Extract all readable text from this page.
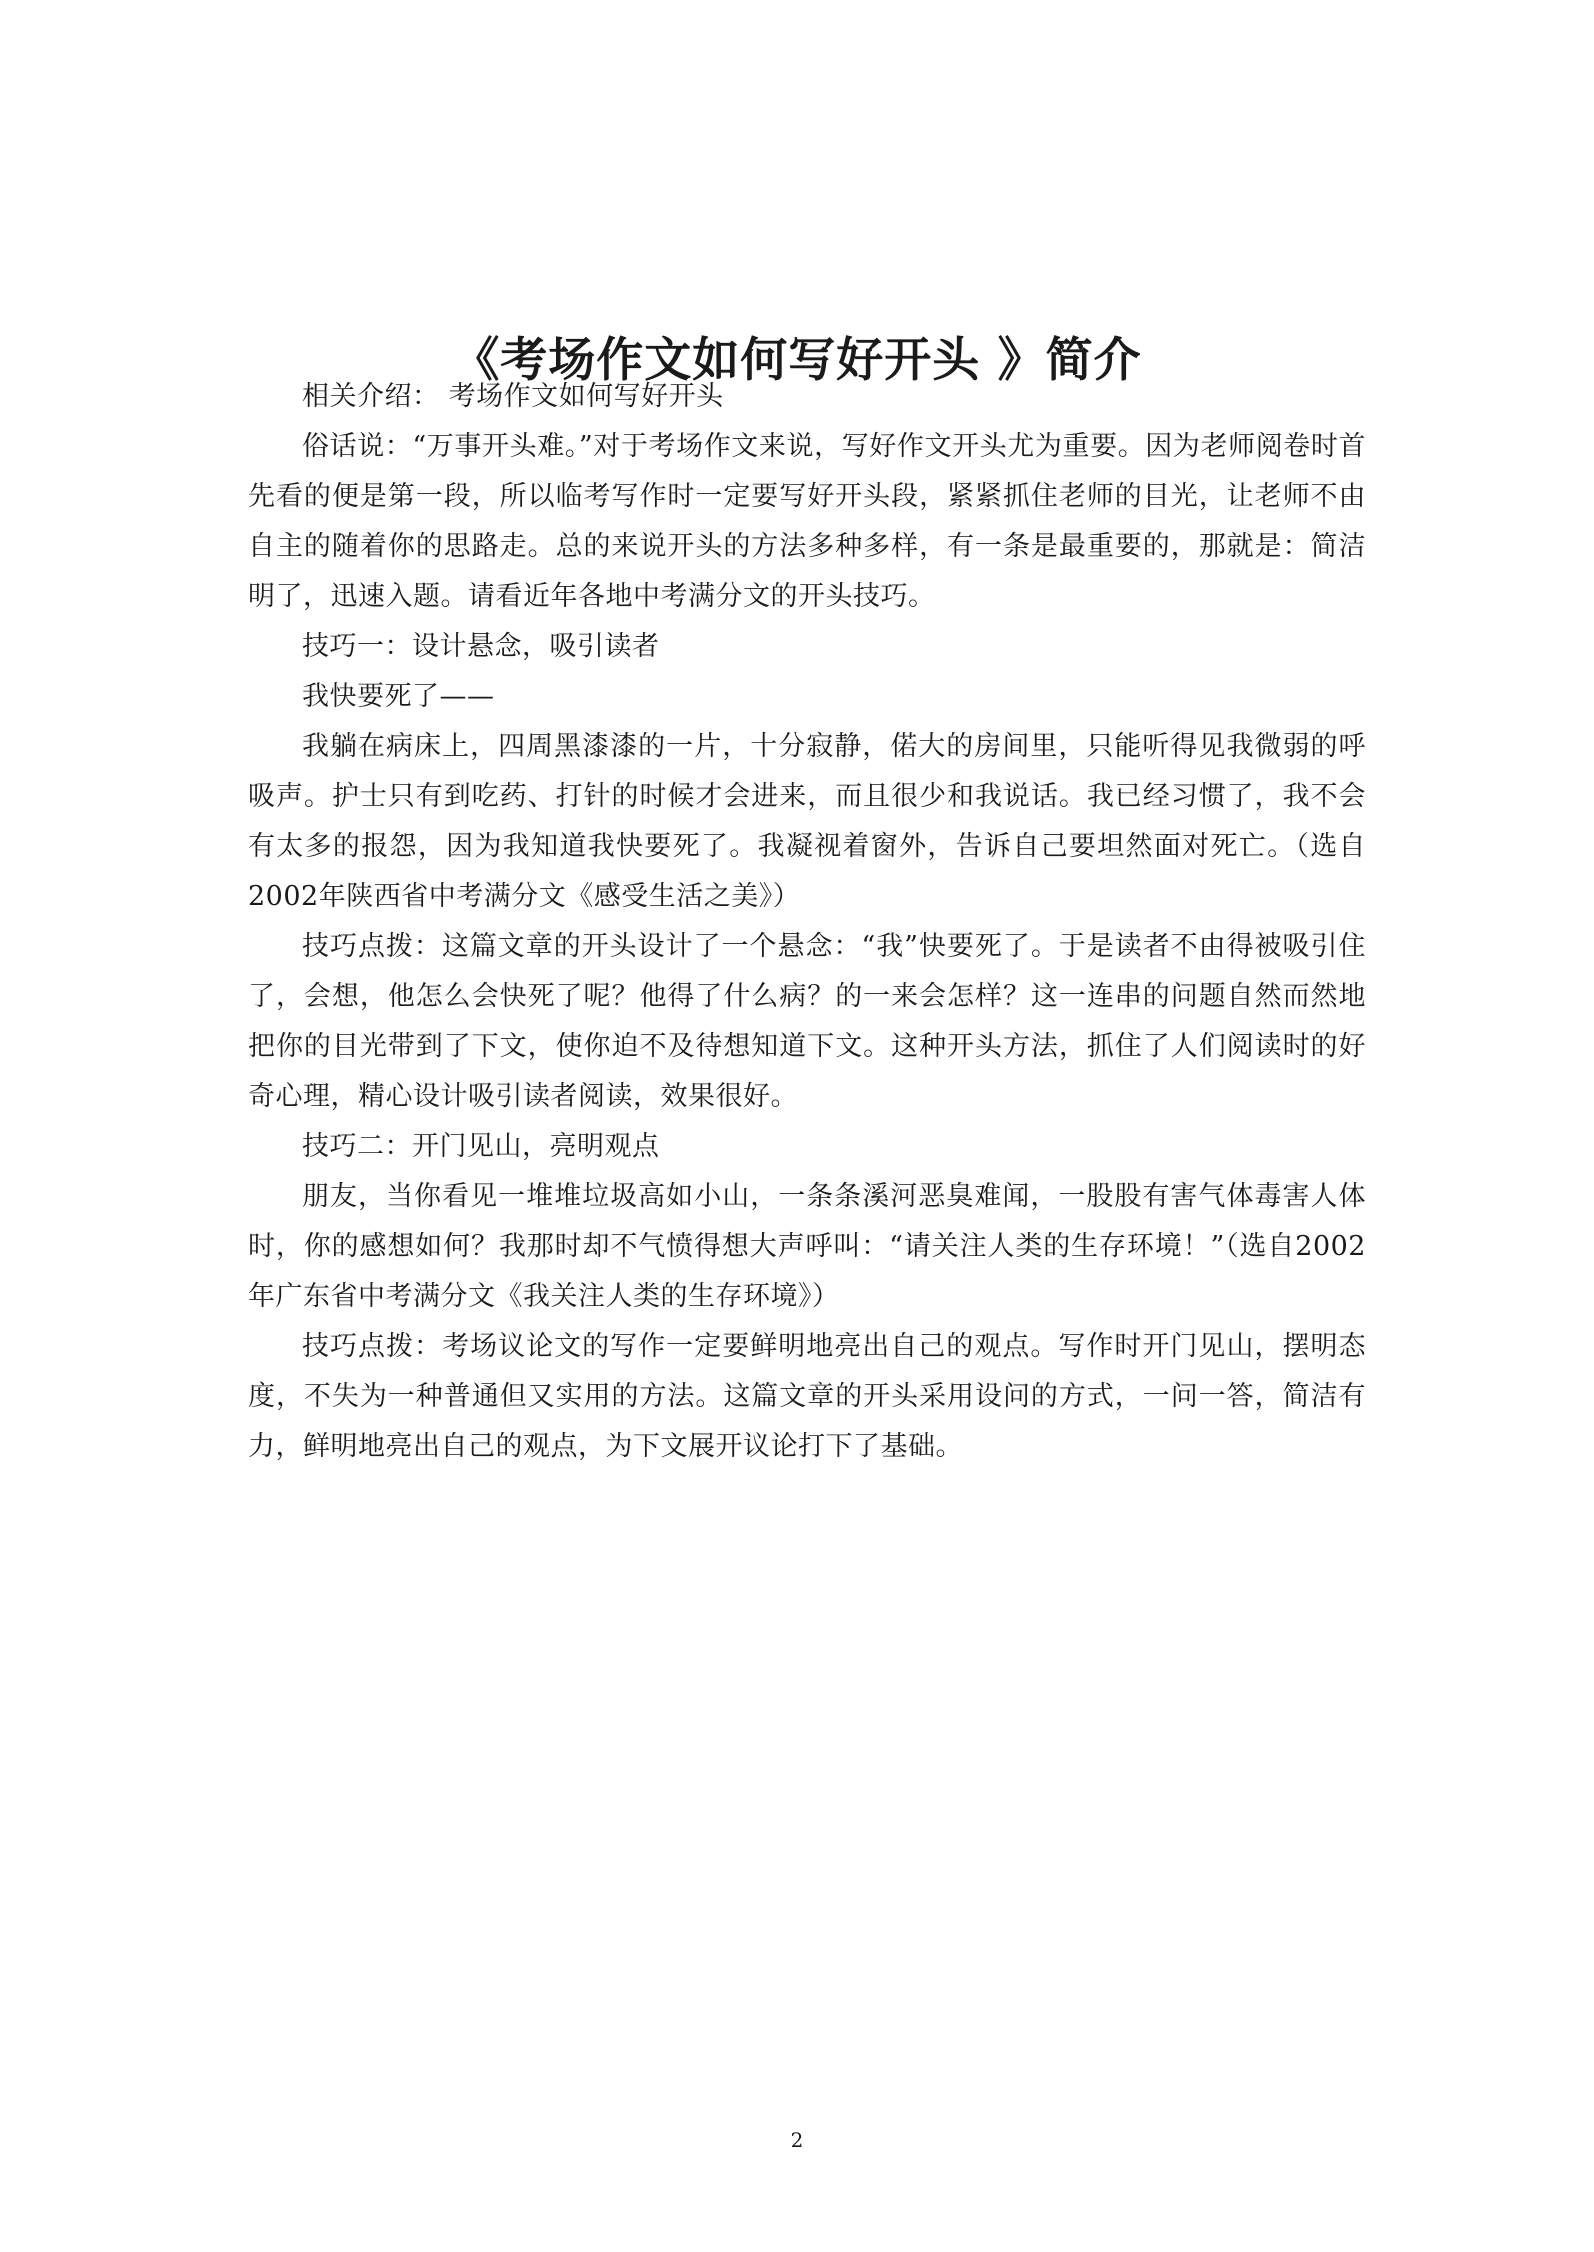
《考场作文如何写好开头 》简介

相关介绍： 考场作文如何写好开头

俗话说：“万事开头难。”对于考场作文来说，写好作文开头尤为重要。因为老师阅卷时首先看的便是第一段，所以临考写作时一定要写好开头段，紧紧抓住老师的目光，让老师不由自主的随着你的思路走。总的来说开头的方法多种多样，有一条是最重要的，那就是：简洁明了，迅速入题。请看近年各地中考满分文的开头技巧。

技巧一：设计悬念，吸引读者

我快要死了——

我躺在病床上，四周黑漆漆的一片，十分寂静，偌大的房间里，只能听得见我微弱的呼吸声。护士只有到吃药、打针的时候才会进来，而且很少和我说话。我已经习惯了，我不会有太多的报怨，因为我知道我快要死了。我凝视着窗外，告诉自己要坦然面对死亡。（选自2002年陕西省中考满分文《感受生活之美》）

技巧点拨：这篇文章的开头设计了一个悬念：“我”快要死了。于是读者不由得被吸引住了，会想，他怎么会快死了呢？他得了什么病？的一来会怎样？这一连串的问题自然而然地把你的目光带到了下文，使你迫不及待想知道下文。这种开头方法，抓住了人们阅读时的好奇心理，精心设计吸引读者阅读，效果很好。

技巧二：开门见山，亮明观点

朋友，当你看见一堆堆垃圾高如小山，一条条溪河恶臭难闻，一股股有害气体毒害人体时，你的感想如何？我那时却不气愤得想大声呼叫：“请关注人类的生存环境！”（选自2002年广东省中考满分文《我关注人类的生存环境》）

技巧点拨：考场议论文的写作一定要鲜明地亮出自己的观点。写作时开门见山，摆明态度，不失为一种普通但又实用的方法。这篇文章的开头采用设问的方式，一问一答，简洁有力，鲜明地亮出自己的观点，为下文展开议论打下了基础。

2
